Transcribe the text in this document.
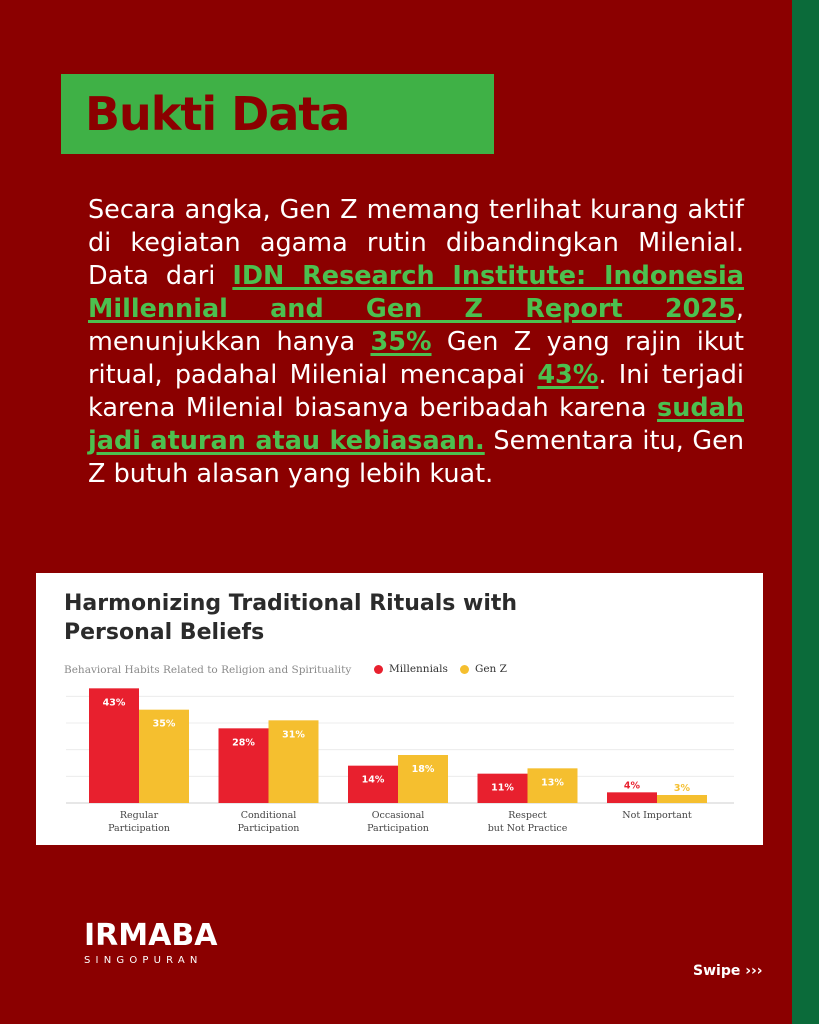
Bukti Data
Secara angka, Gen Z memang terlihat kurang aktif di kegiatan agama rutin dibandingkan Milenial. Data dari IDN Research Institute: Indonesia Millennial and Gen Z Report 2025, menunjukkan hanya 35% Gen Z yang rajin ikut ritual, padahal Milenial mencapai 43%. Ini terjadi karena Milenial biasanya beribadah karena sudah jadi aturan atau kebiasaan. Sementara itu, Gen Z butuh alasan yang lebih kuat.
43%
35%
Regular
Participation
28%
31%
Conditional
Participation
14%
18%
Occasional
Participation
11%	13%
Respect
but Not Practice
4%	3%
Not Important
Harmonizing Traditional Rituals with Personal Beliefs
Behavioral Habits Related to Religion and Spirituality	Millennials	Gen Z
IRMABA
SINGOPURAN
Swipe ›››
